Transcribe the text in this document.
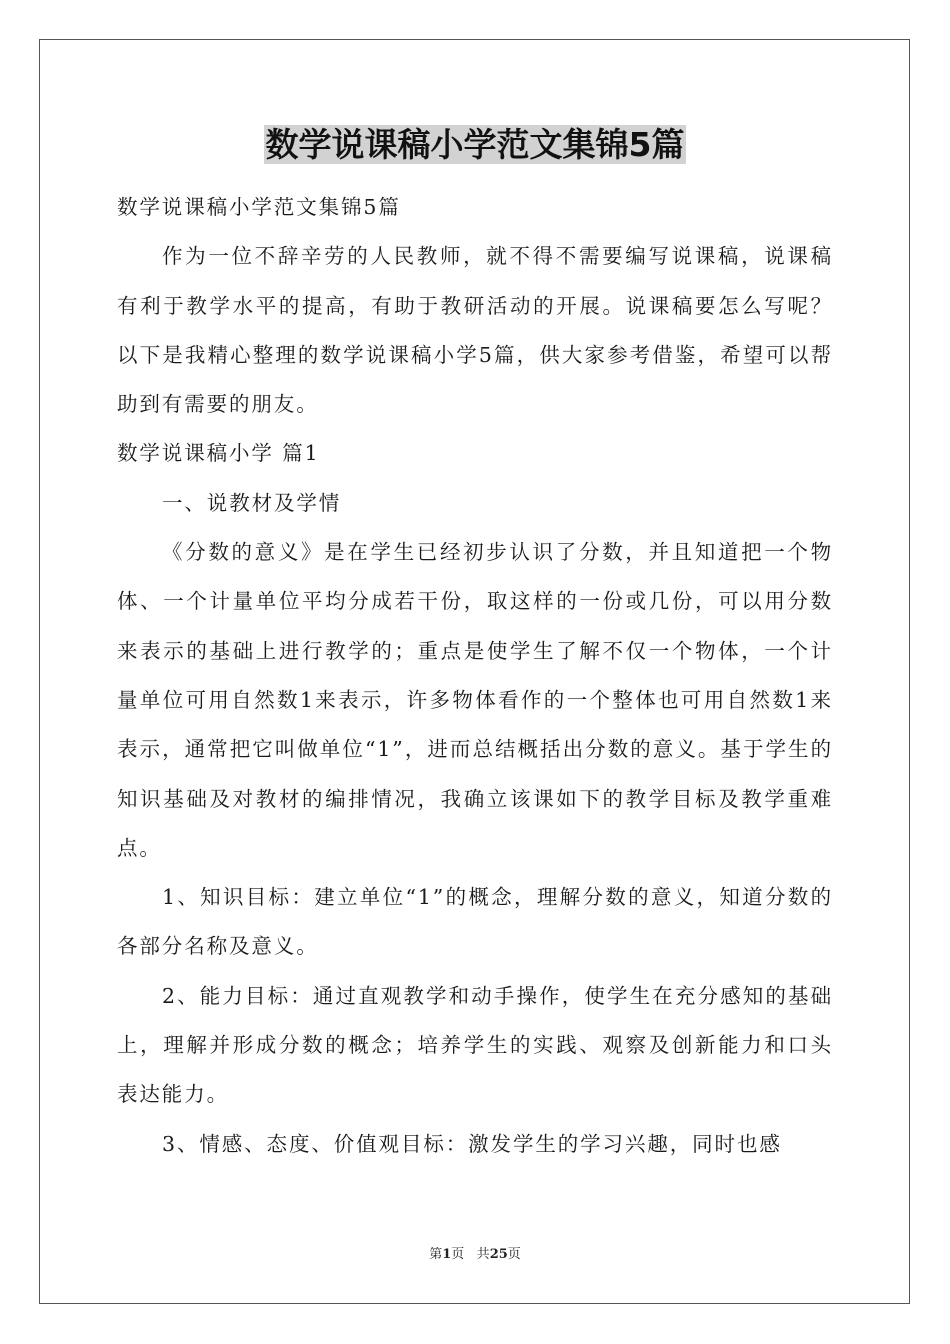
数学说课稿小学范文集锦5篇

数学说课稿小学范文集锦5篇

作为一位不辞辛劳的人民教师，就不得不需要编写说课稿，说课稿有利于教学水平的提高，有助于教研活动的开展。说课稿要怎么写呢？以下是我精心整理的数学说课稿小学5篇，供大家参考借鉴，希望可以帮助到有需要的朋友。

数学说课稿小学 篇1

一、说教材及学情

《分数的意义》是在学生已经初步认识了分数，并且知道把一个物体、一个计量单位平均分成若干份，取这样的一份或几份，可以用分数来表示的基础上进行教学的；重点是使学生了解不仅一个物体，一个计量单位可用自然数1来表示，许多物体看作的一个整体也可用自然数1来表示，通常把它叫做单位“1”，进而总结概括出分数的意义。基于学生的知识基础及对教材的编排情况，我确立该课如下的教学目标及教学重难点。

1、知识目标：建立单位“1”的概念，理解分数的意义，知道分数的各部分名称及意义。

2、能力目标：通过直观教学和动手操作，使学生在充分感知的基础上，理解并形成分数的概念；培养学生的实践、观察及创新能力和口头表达能力。

3、情感、态度、价值观目标：激发学生的学习兴趣，同时也感

第1页 共25页
